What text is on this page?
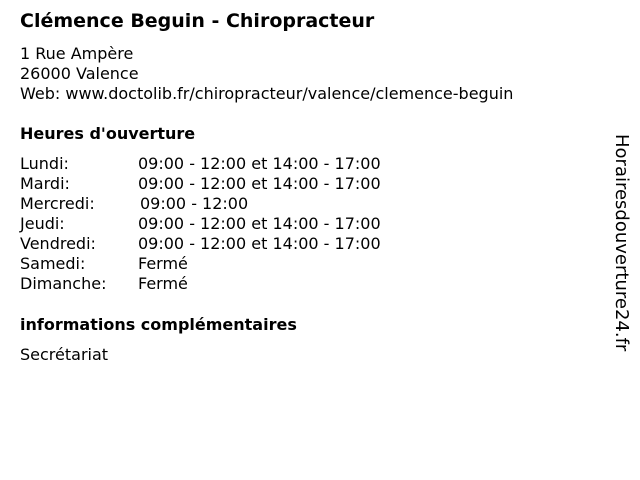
Clémence Beguin - Chiropracteur
1 Rue Ampère
26000 Valence
Web: www.doctolib.fr/chiropracteur/valence/clemence-beguin
Heures d'ouverture
Lundi:	09:00 - 12:00 et 14:00 - 17:00
Mardi:	09:00 - 12:00 et 14:00 - 17:00
Mercredi:	09:00 - 12:00
Jeudi:	09:00 - 12:00 et 14:00 - 17:00
Vendredi:	09:00 - 12:00 et 14:00 - 17:00
Samedi:	Fermé
Dimanche: Fermé
informations complémentaires
Secrétariat
Horairesdouverture24.fr
